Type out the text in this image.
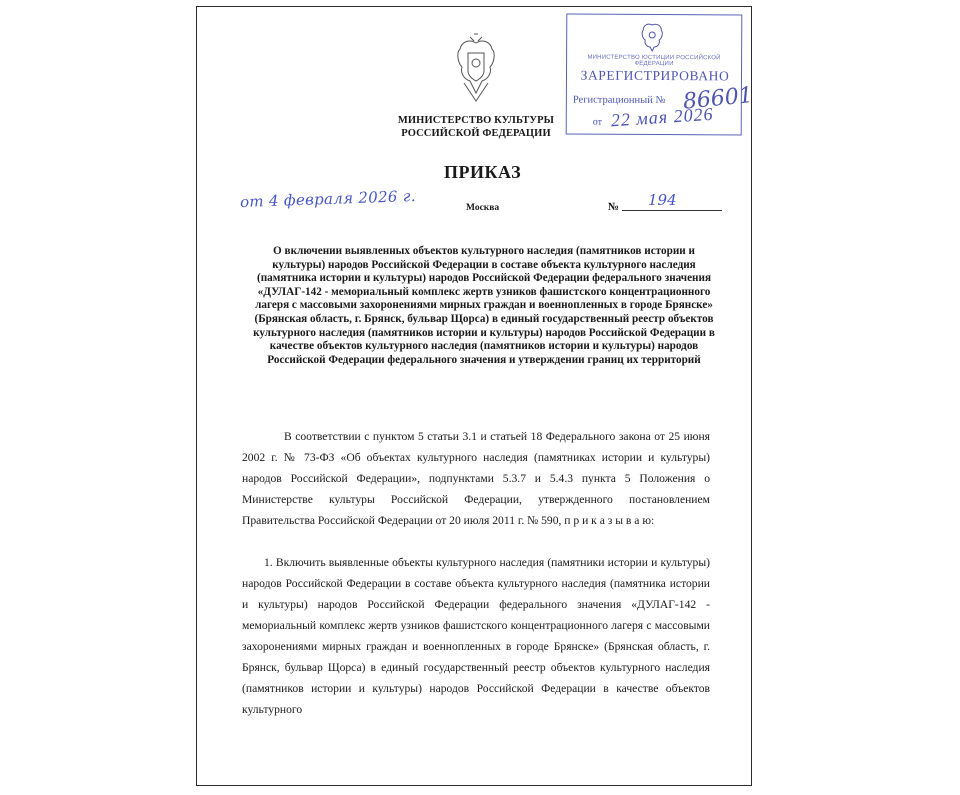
МИНИСТЕРСТВО КУЛЬТУРЫ
РОССИЙСКОЙ ФЕДЕРАЦИИ
МИНИСТЕРСТВО ЮСТИЦИИ РОССИЙСКОЙ ФЕДЕРАЦИИ
ЗАРЕГИСТРИРОВАНО
Регистрационный № 86601
от 22 мая 2026
ПРИКАЗ
от 4 февраля 2026 г.	Москва	№ 194
О включении выявленных объектов культурного наследия (памятников истории и культуры) народов Российской Федерации в составе объекта культурного наследия (памятника истории и культуры) народов Российской Федерации федерального значения «ДУЛАГ-142 - мемориальный комплекс жертв узников фашистского концентрационного лагеря с массовыми захоронениями мирных граждан и военнопленных в городе Брянске» (Брянская область, г. Брянск, бульвар Щорса) в единый государственный реестр объектов культурного наследия (памятников истории и культуры) народов Российской Федерации в качестве объектов культурного наследия (памятников истории и культуры) народов Российской Федерации федерального значения и утверждении границ их территорий

В соответствии с пунктом 5 статьи 3.1 и статьей 18 Федерального закона от 25 июня 2002 г. № 73-ФЗ «Об объектах культурного наследия (памятниках истории и культуры) народов Российской Федерации», подпунктами 5.3.7 и 5.4.3 пункта 5 Положения о Министерстве культуры Российской Федерации, утвержденного постановлением Правительства Российской Федерации от 20 июля 2011 г. № 590, п р и к а з ы в а ю:

1. Включить выявленные объекты культурного наследия (памятники истории и культуры) народов Российской Федерации в составе объекта культурного наследия (памятника истории и культуры) народов Российской Федерации федерального значения «ДУЛАГ-142 - мемориальный комплекс жертв узников фашистского концентрационного лагеря с массовыми захоронениями мирных граждан и военнопленных в городе Брянске» (Брянская область, г. Брянск, бульвар Щорса) в единый государственный реестр объектов культурного наследия (памятников истории и культуры) народов Российской Федерации в качестве объектов культурного
